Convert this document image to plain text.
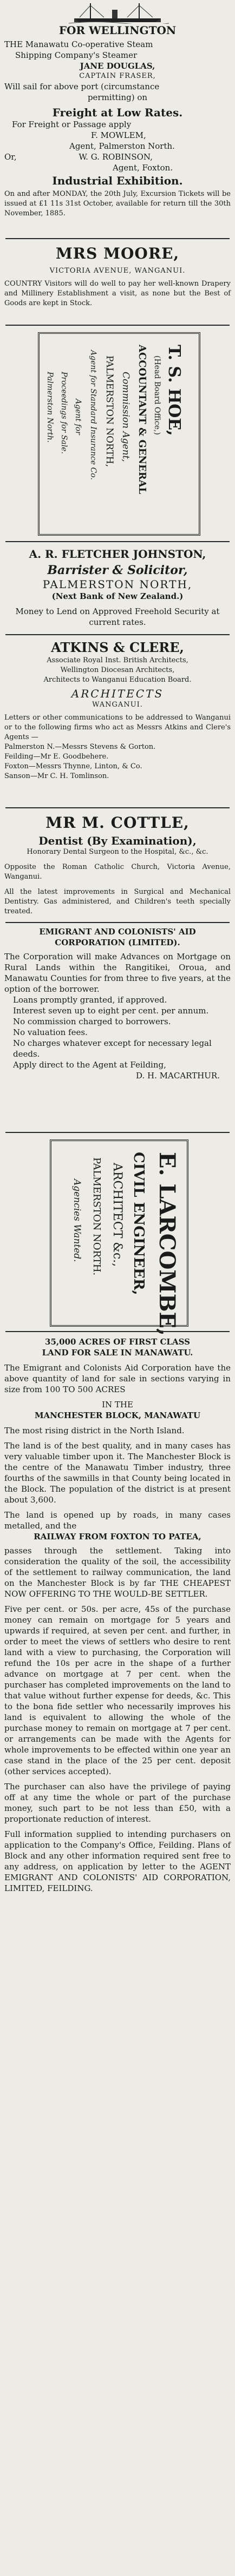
FOR WELLINGTON
THE Manawatu Co-operative Steam
Shipping Company's Steamer
JANE DOUGLAS,
CAPTAIN FRASER,
Will sail for above port (circumstance
permitting) on
Freight at Low Rates.
For Freight or Passage apply
F. MOWLEM,
Agent, Palmerston North.
Or,	W. G. ROBINSON,
Agent, Foxton.
Industrial Exhibition.
On and after MONDAY, the 20th July, Excursion Tickets will be issued at £1 11s 31st October, available for return till the 30th November, 1885.
MRS MOORE,
VICTORIA AVENUE, WANGANUI.
COUNTRY Visitors will do well to pay her well-known Drapery and Millinery Establishment a visit, as none but the Best of Goods are kept in Stock.
T. S. HOE,
(Head Board Office,)
ACCOUNTANT & GENERAL
Commission Agent,
PALMERSTON NORTH,
Agent for Standard Insurance Co.
Agent for
Proceedings for Sale.
Palmerston North.
A. R. FLETCHER JOHNSTON,
Barrister & Solicitor,
PALMERSTON NORTH,
(Next Bank of New Zealand.)
Money to Lend on Approved Freehold Security at current rates.
ATKINS & CLERE,
Associate Royal Inst. British Architects,
Wellington Diocesan Architects,
Architects to Wanganui Education Board.
ARCHITECTS
WANGANUI.
Letters or other communications to be addressed to Wanganui or to the following firms who act as Messrs Atkins and Clere's Agents —
Palmerston N.—Messrs Stevens & Gorton.
Feilding—Mr E. Goodbehere.
Foxton—Messrs Thynne, Linton, & Co.
Sanson—Mr C. H. Tomlinson.
MR M. COTTLE,
Dentist (By Examination),
Honorary Dental Surgeon to the Hospital, &c., &c.
Opposite the Roman Catholic Church, Victoria Avenue, Wanganui.
All the latest improvements in Surgical and Mechanical Dentistry. Gas administered, and Children's teeth specially treated.
EMIGRANT AND COLONISTS' AID
CORPORATION (LIMITED).
The Corporation will make Advances on Mortgage on Rural Lands within the Rangitikei, Oroua, and Manawatu Counties for from three to five years, at the option of the borrower.
Loans promptly granted, if approved.
Interest seven up to eight per cent. per annum.
No commission charged to borrowers.
No valuation fees.
No charges whatever except for necessary legal deeds.
Apply direct to the Agent at Feilding,
D. H. MACARTHUR.
E. LARCOMBE,
CIVIL ENGINEER,
ARCHITECT &c.,
PALMERSTON NORTH.
Agencies Wanted.
35,000 ACRES OF FIRST CLASS
LAND FOR SALE IN MANAWATU.
The Emigrant and Colonists Aid Corporation have the above quantity of land for sale in sections varying in size from 100 TO 500 ACRES
IN THE
MANCHESTER BLOCK, MANAWATU
The most rising district in the North Island.
The land is of the best quality, and in many cases has very valuable timber upon it. The Manchester Block is the centre of the Manawatu Timber industry, three fourths of the sawmills in that County being located in the Block. The population of the district is at present about 3,600.
The land is opened up by roads, in many cases metalled, and the
RAILWAY FROM FOXTON TO PATEA,
passes through the settlement. Taking into consideration the quality of the soil, the accessibility of the settlement to railway communication, the land on the Manchester Block is by far THE CHEAPEST NOW OFFERING TO THE WOULD-BE SETTLER.
Five per cent. or 50s. per acre, 45s of the purchase money can remain on mortgage for 5 years and upwards if required, at seven per cent. and further, in order to meet the views of settlers who desire to rent land with a view to purchasing, the Corporation will refund the 10s per acre in the shape of a further advance on mortgage at 7 per cent. when the purchaser has completed improvements on the land to that value without further expense for deeds, &c. This to the bona fide settler who necessarily improves his land is equivalent to allowing the whole of the purchase money to remain on mortgage at 7 per cent. or arrangements can be made with the Agents for whole improvements to be effected within one year an case stand in the place of the 25 per cent. deposit (other services accepted).
The purchaser can also have the privilege of paying off at any time the whole or part of the purchase money, such part to be not less than £50, with a proportionate reduction of interest.
Full information supplied to intending purchasers on application to the Company's Office, Feilding. Plans of Block and any other information required sent free to any address, on application by letter to the AGENT EMIGRANT AND COLONISTS' AID CORPORATION, LIMITED, FEILDING.
